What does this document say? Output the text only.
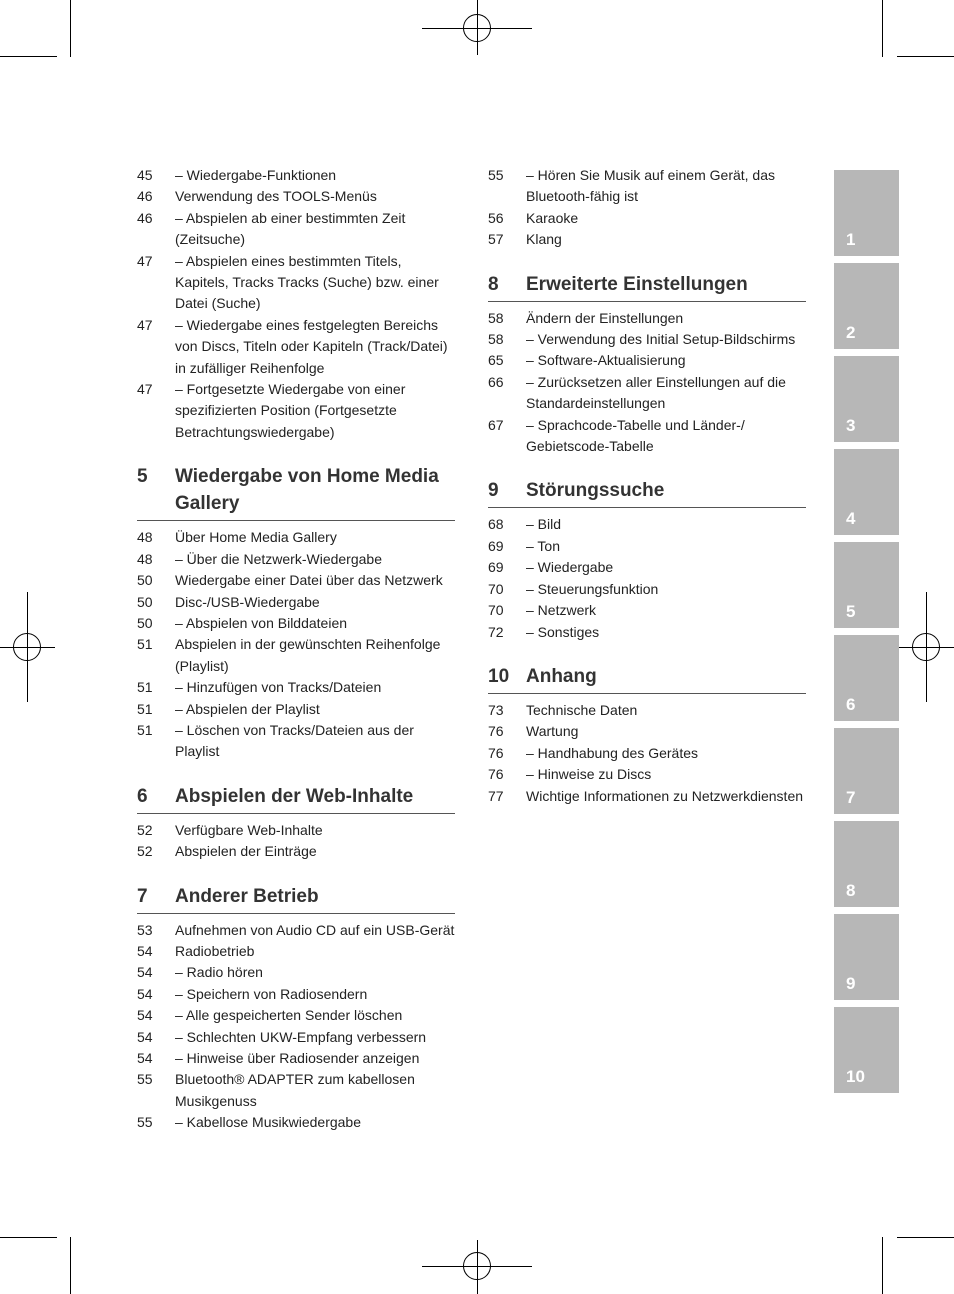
45	– Wiedergabe-Funktionen
46	Verwendung des TOOLS-Menüs
46	– Abspielen ab einer bestimmten Zeit (Zeitsuche)
47	– Abspielen eines bestimmten Titels, Kapitels, Tracks Tracks (Suche) bzw. einer Datei (Suche)
47	– Wiedergabe eines festgelegten Bereichs von Discs, Titeln oder Kapiteln (Track/Datei) in zufälliger Reihenfolge
47	– Fortgesetzte Wiedergabe von einer spezifizierten Position (Fortgesetzte Betrachtungswiedergabe)
5	Wiedergabe von Home Media Gallery
48	Über Home Media Gallery
48	– Über die Netzwerk-Wiedergabe
50	Wiedergabe einer Datei über das Netzwerk
50	Disc-/USB-Wiedergabe
50	– Abspielen von Bilddateien
51	Abspielen in der gewünschten Reihenfolge (Playlist)
51	– Hinzufügen von Tracks/Dateien
51	– Abspielen der Playlist
51	– Löschen von Tracks/Dateien aus der Playlist
6	Abspielen der Web-Inhalte
52	Verfügbare Web-Inhalte
52	Abspielen der Einträge
7	Anderer Betrieb
53	Aufnehmen von Audio CD auf ein USB-Gerät
54	Radiobetrieb
54	– Radio hören
54	– Speichern von Radiosendern
54	– Alle gespeicherten Sender löschen
54	– Schlechten UKW-Empfang verbessern
54	– Hinweise über Radiosender anzeigen
55	Bluetooth® ADAPTER zum kabellosen Musikgenuss
55	– Kabellose Musikwiedergabe
55	– Hören Sie Musik auf einem Gerät, das Bluetooth-fähig ist
56	Karaoke
57	Klang
8	Erweiterte Einstellungen
58	Ändern der Einstellungen
58	– Verwendung des Initial Setup-Bildschirms
65	– Software-Aktualisierung
66	– Zurücksetzen aller Einstellungen auf die Standardeinstellungen
67	– Sprachcode-Tabelle und Länder-/ Gebietscode-Tabelle
9	Störungssuche
68	– Bild
69	– Ton
69	– Wiedergabe
70	– Steuerungsfunktion
70	– Netzwerk
72	– Sonstiges
10 Anhang
73	Technische Daten
76	Wartung
76	– Handhabung des Gerätes
76	– Hinweise zu Discs
77	Wichtige Informationen zu Netzwerkdiensten
1
2
3
4
5
6
7
8
9
10
